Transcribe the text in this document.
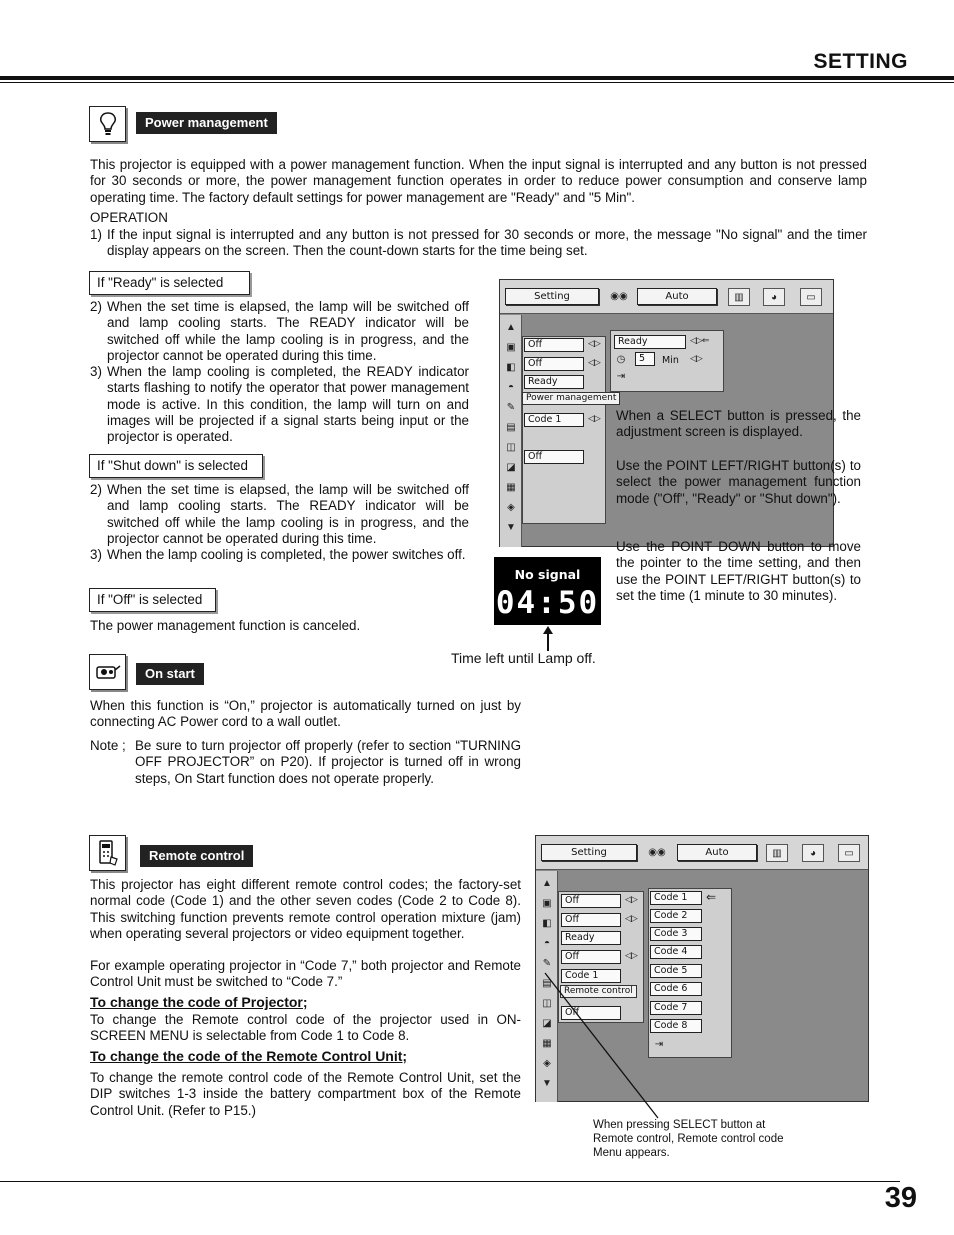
SETTING
Power management
This projector is equipped with a power management function. When the input signal is interrupted and any button is not pressed for 30 seconds or more, the power management function operates in order to reduce power consumption and conserve lamp operating time. The factory default settings for power management are "Ready" and "5 Min".
OPERATION
1) If the input signal is interrupted and any button is not pressed for 30 seconds or more, the message "No signal" and the timer display appears on the screen. Then the count-down starts for the time being set.
If "Ready" is selected
2) When the set time is elapsed, the lamp will be switched off and lamp cooling starts. The READY indicator will be switched off while the lamp cooling is in progress, and the projector cannot be operated during this time.
3) When the lamp cooling is completed, the READY indicator starts flashing to notify the operator that power management mode is active. In this condition, the lamp will turn on and images will be projected if a signal starts being input or the projector is operated.
If "Shut down" is selected
2) When the set time is elapsed, the lamp will be switched off and lamp cooling starts. The READY indicator will be switched off while the lamp cooling is in progress, and the projector cannot be operated during this time.
3) When the lamp cooling is completed, the power switches off.
If "Off" is selected
The power management function is canceled.
Setting	◉◉	Auto	▥	◕	▭
▲
▣
◧
◓
✎
▤
◫
◪
▦
◈
▼
Off	◁▷
Off	◁▷
Ready
Power management
Code 1	◁▷
Off
Ready	◁▷⇐
◷	5	Min ◁▷
⇥
When a SELECT button is pressed, the adjustment screen is displayed.
Use the POINT LEFT/RIGHT button(s) to select the power management function mode ("Off", "Ready" or "Shut down").
Use the POINT DOWN button to move the pointer to the time setting, and then use the POINT LEFT/RIGHT button(s) to set the time (1 minute to 30 minutes).
No signal
04:50
Time left until Lamp off.
On start
When this function is “On,” projector is automatically turned on just by connecting AC Power cord to a wall outlet.
Note ; Be sure to turn projector off properly (refer to section “TURNING OFF PROJECTOR” on P20). If projector is turned off in wrong steps, On Start function does not operate properly.
Remote control
This projector has eight different remote control codes; the factory-set normal code (Code 1) and the other seven codes (Code 2 to Code 8). This switching function prevents remote control operation mixture (jam) when operating several projectors or video equipment together.
For example operating projector in “Code 7,” both projector and Remote Control Unit must be switched to “Code 7.”
To change the code of Projector;
To change the Remote control code of the projector used in ON-SCREEN MENU is selectable from Code 1 to Code 8.
To change the code of the Remote Control Unit;
To change the remote control code of the Remote Control Unit, set the DIP switches 1-3 inside the battery compartment box of the Remote Control Unit. (Refer to P15.)
Setting	◉◉	Auto	▥	◕	▭
▲
▣
◧
◓
✎
▤
◫
◪
▦
◈
▼
Off	◁▷
Off	◁▷
Ready
Off	◁▷
Code 1
Remote control
Off
Code 1	⇐
Code 2
Code 3
Code 4
Code 5
Code 6
Code 7
Code 8
⇥
When pressing SELECT button at Remote control, Remote control code Menu appears.
39
